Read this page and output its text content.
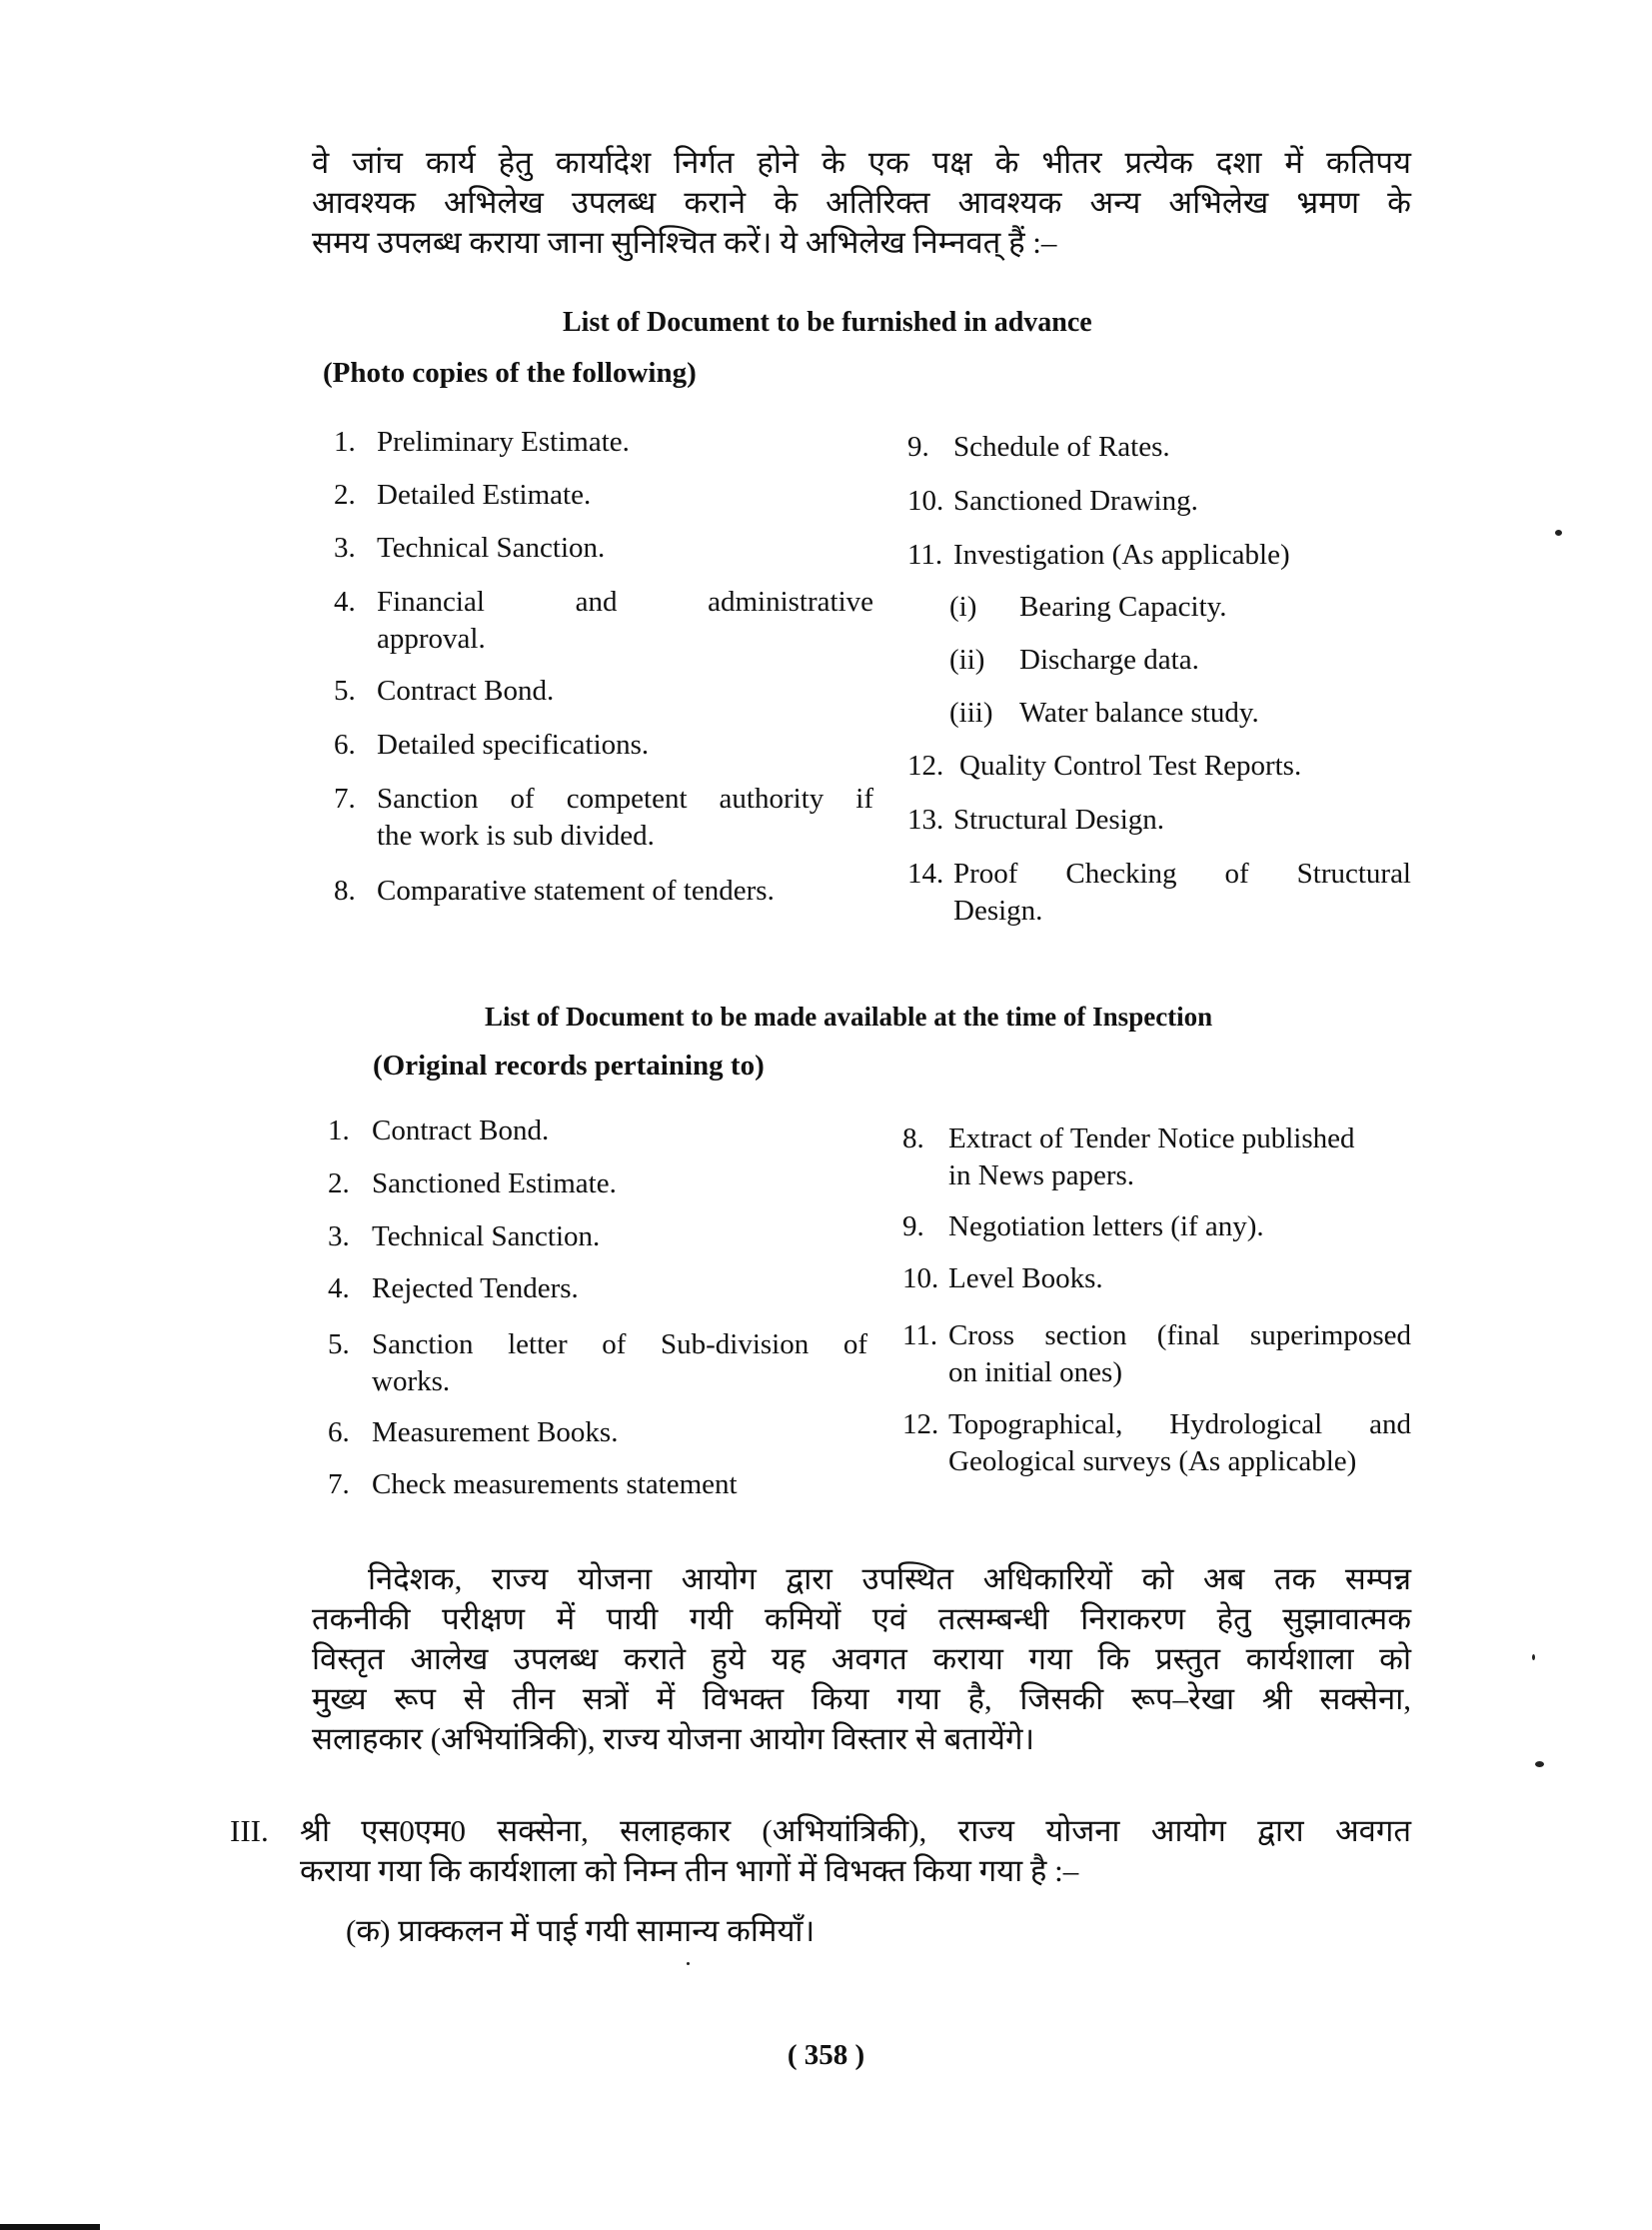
वे जांच कार्य हेतु कार्यादेश निर्गत होने के एक पक्ष के भीतर प्रत्येक दशा में कतिपय
आवश्यक अभिलेख उपलब्ध कराने के अतिरिक्त आवश्यक अन्य अभिलेख भ्रमण के
समय उपलब्ध कराया जाना सुनिश्चित करें। ये अभिलेख निम्नवत् हैं :–
List of Document to be furnished in advance
(Photo copies of the following)
1. Preliminary Estimate.
2. Detailed Estimate.
3. Technical Sanction.
4. Financial and administrative
approval.
5. Contract Bond.
6. Detailed specifications.
7. Sanction of competent authority if
the work is sub divided.
8. Comparative statement of tenders.
9. Schedule of Rates.
10. Sanctioned Drawing.
11. Investigation (As applicable)
(i) Bearing Capacity.
(ii) Discharge data.
(iii) Water balance study.
12. Quality Control Test Reports.
13. Structural Design.
14. Proof Checking of Structural
Design.
List of Document to be made available at the time of Inspection
(Original records pertaining to)
1. Contract Bond.
2. Sanctioned Estimate.
3. Technical Sanction.
4. Rejected Tenders.
5. Sanction letter of Sub-division of
works.
6. Measurement Books.
7. Check measurements statement
8. Extract of Tender Notice published
in News papers.
9. Negotiation letters (if any).
10. Level Books.
11. Cross section (final superimposed
on initial ones)
12. Topographical, Hydrological and
Geological surveys (As applicable)
निदेशक, राज्य योजना आयोग द्वारा उपस्थित अधिकारियों को अब तक सम्पन्न
तकनीकी परीक्षण में पायी गयी कमियों एवं तत्सम्बन्धी निराकरण हेतु सुझावात्मक
विस्तृत आलेख उपलब्ध कराते हुये यह अवगत कराया गया कि प्रस्तुत कार्यशाला को
मुख्य रूप से तीन सत्रों में विभक्त किया गया है, जिसकी रूप–रेखा श्री सक्सेना,
सलाहकार (अभियांत्रिकी), राज्य योजना आयोग विस्तार से बतायेंगे।
III. श्री एस0एम0 सक्सेना, सलाहकार (अभियांत्रिकी), राज्य योजना आयोग द्वारा अवगत
कराया गया कि कार्यशाला को निम्न तीन भागों में विभक्त किया गया है :–
(क) प्राक्कलन में पाई गयी सामान्य कमियाँ।
( 358 )
